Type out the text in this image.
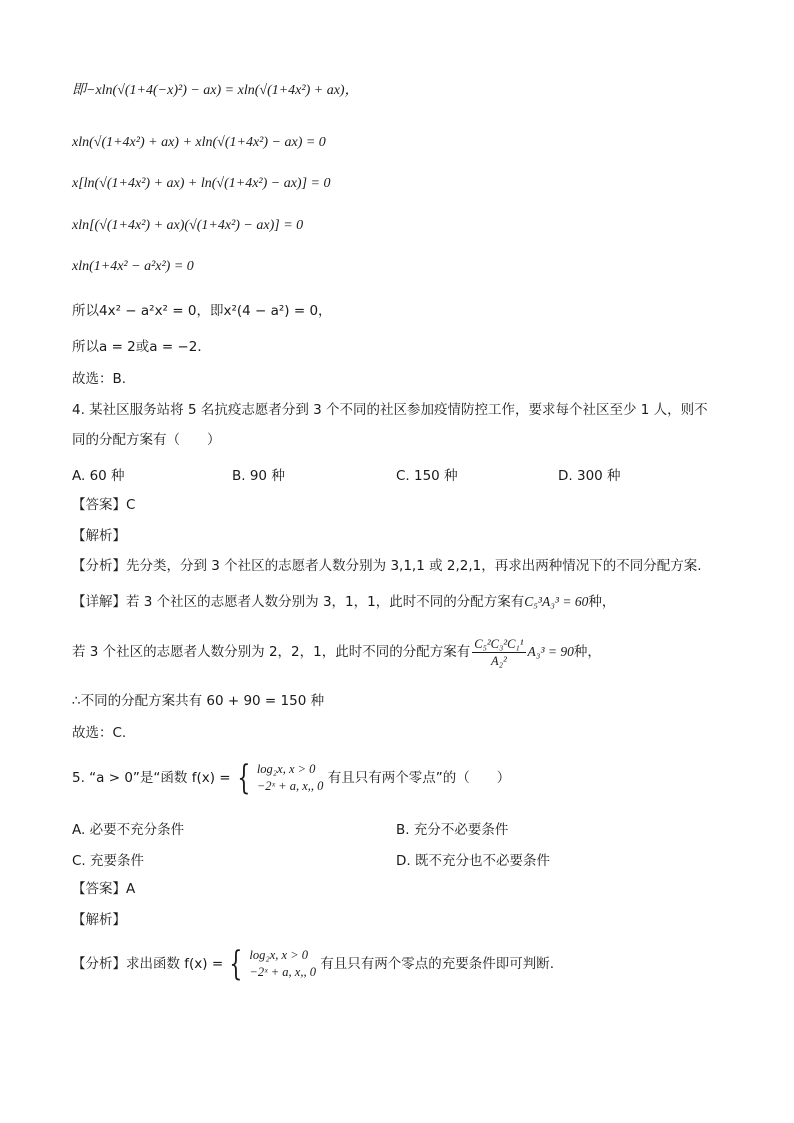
即−xln(√(1+4(−x)²) − ax) = xln(√(1+4x²) + ax)，
xln(√(1+4x²) + ax) + xln(√(1+4x²) − ax) = 0
x[ln(√(1+4x²) + ax) + ln(√(1+4x²) − ax)] = 0
xln[(√(1+4x²) + ax)(√(1+4x²) − ax)] = 0
xln(1+4x² − a²x²) = 0
所以4x² − a²x² = 0，即x²(4 − a²) = 0，
所以a = 2或a = −2．
故选：B.
4. 某社区服务站将 5 名抗疫志愿者分到 3 个不同的社区参加疫情防控工作，要求每个社区至少 1 人，则不
同的分配方案有（　　）
A. 60 种	B. 90 种	C. 150 种	D. 300 种
【答案】C
【解析】
【分析】先分类，分到 3 个社区的志愿者人数分别为 3,1,1 或 2,2,1，再求出两种情况下的不同分配方案.
【详解】若 3 个社区的志愿者人数分别为 3，1，1，此时不同的分配方案有C₅³A₃³ = 60种，
若 3 个社区的志愿者人数分别为 2，2，1，此时不同的分配方案有 $\frac{\text{C₅²C₃²C₁¹}}{\text{A₂²}} A_3^3 = 90$种，
∴不同的分配方案共有 60 + 90 = 150 种
故选：C.
5. “a > 0”是“函数 f(x) = { log₂x, x > 0
−2ˣ + a, x,, 0 有且只有两个零点”的（　　）
A. 必要不充分条件	B. 充分不必要条件
C. 充要条件	D. 既不充分也不必要条件
【答案】A
【解析】
【分析】求出函数 f(x) = { log₂x, x > 0
−2ˣ + a, x,, 0 有且只有两个零点的充要条件即可判断.
